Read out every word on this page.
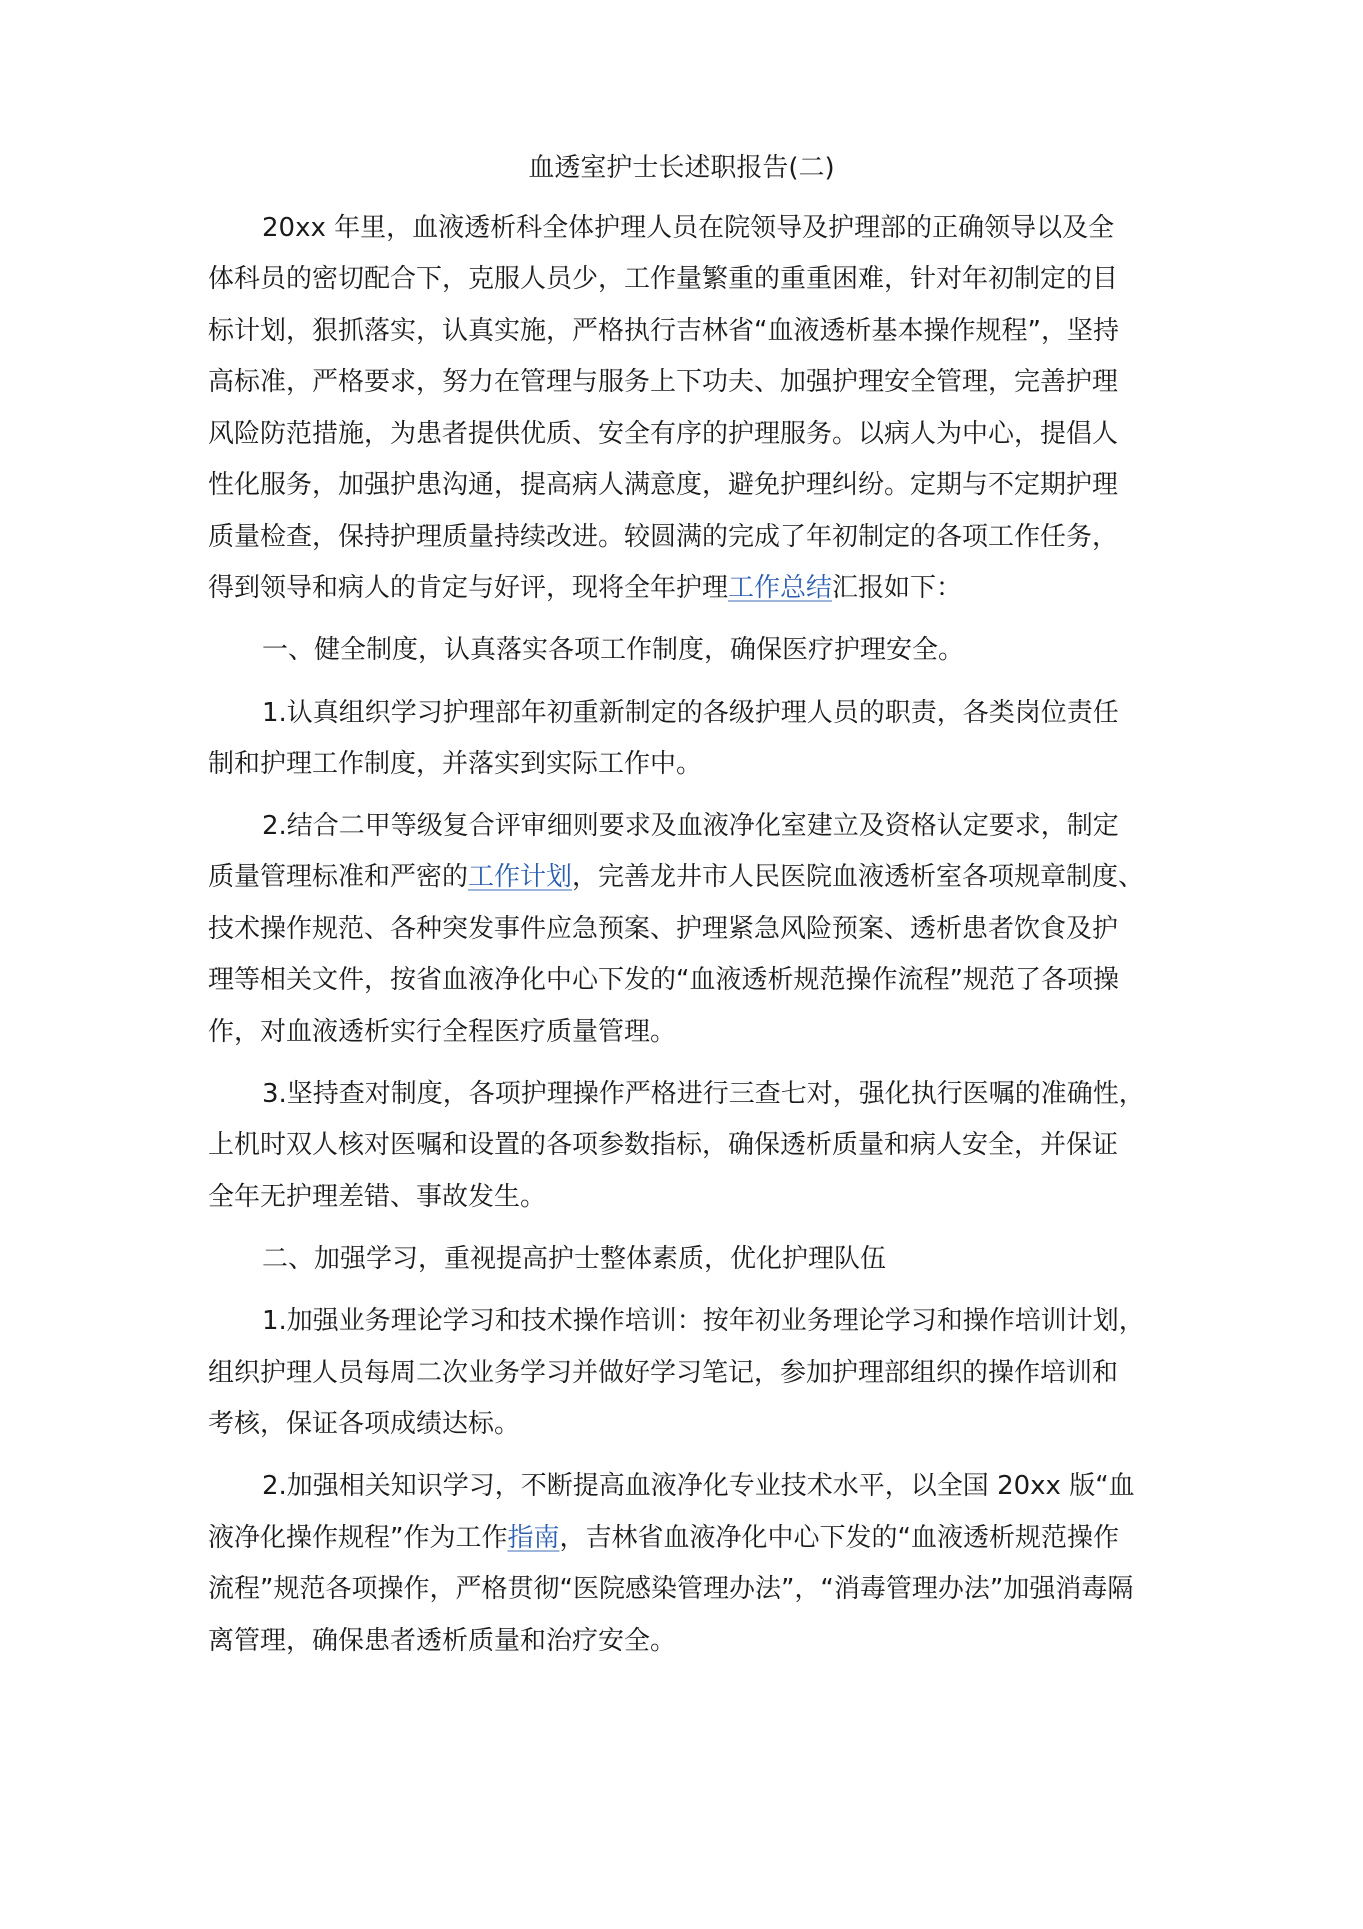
血透室护士长述职报告(二)

20xx 年里，血液透析科全体护理人员在院领导及护理部的正确领导以及全

体科员的密切配合下，克服人员少，工作量繁重的重重困难，针对年初制定的目

标计划，狠抓落实，认真实施，严格执行吉林省“血液透析基本操作规程”，坚持

高标准，严格要求，努力在管理与服务上下功夫、加强护理安全管理，完善护理

风险防范措施，为患者提供优质、安全有序的护理服务。以病人为中心，提倡人

性化服务，加强护患沟通，提高病人满意度，避免护理纠纷。定期与不定期护理

质量检查，保持护理质量持续改进。较圆满的完成了年初制定的各项工作任务，

得到领导和病人的肯定与好评，现将全年护理工作总结汇报如下：

一、健全制度，认真落实各项工作制度，确保医疗护理安全。

1.认真组织学习护理部年初重新制定的各级护理人员的职责，各类岗位责任

制和护理工作制度，并落实到实际工作中。

2.结合二甲等级复合评审细则要求及血液净化室建立及资格认定要求，制定

质量管理标准和严密的工作计划，完善龙井市人民医院血液透析室各项规章制度、

技术操作规范、各种突发事件应急预案、护理紧急风险预案、透析患者饮食及护

理等相关文件，按省血液净化中心下发的“血液透析规范操作流程”规范了各项操

作，对血液透析实行全程医疗质量管理。

3.坚持查对制度，各项护理操作严格进行三查七对，强化执行医嘱的准确性，

上机时双人核对医嘱和设置的各项参数指标，确保透析质量和病人安全，并保证

全年无护理差错、事故发生。

二、加强学习，重视提高护士整体素质，优化护理队伍

1.加强业务理论学习和技术操作培训：按年初业务理论学习和操作培训计划，

组织护理人员每周二次业务学习并做好学习笔记，参加护理部组织的操作培训和

考核，保证各项成绩达标。

2.加强相关知识学习，不断提高血液净化专业技术水平，以全国 20xx 版“血

液净化操作规程”作为工作指南，吉林省血液净化中心下发的“血液透析规范操作

流程”规范各项操作，严格贯彻“医院感染管理办法”，“消毒管理办法”加强消毒隔

离管理，确保患者透析质量和治疗安全。
